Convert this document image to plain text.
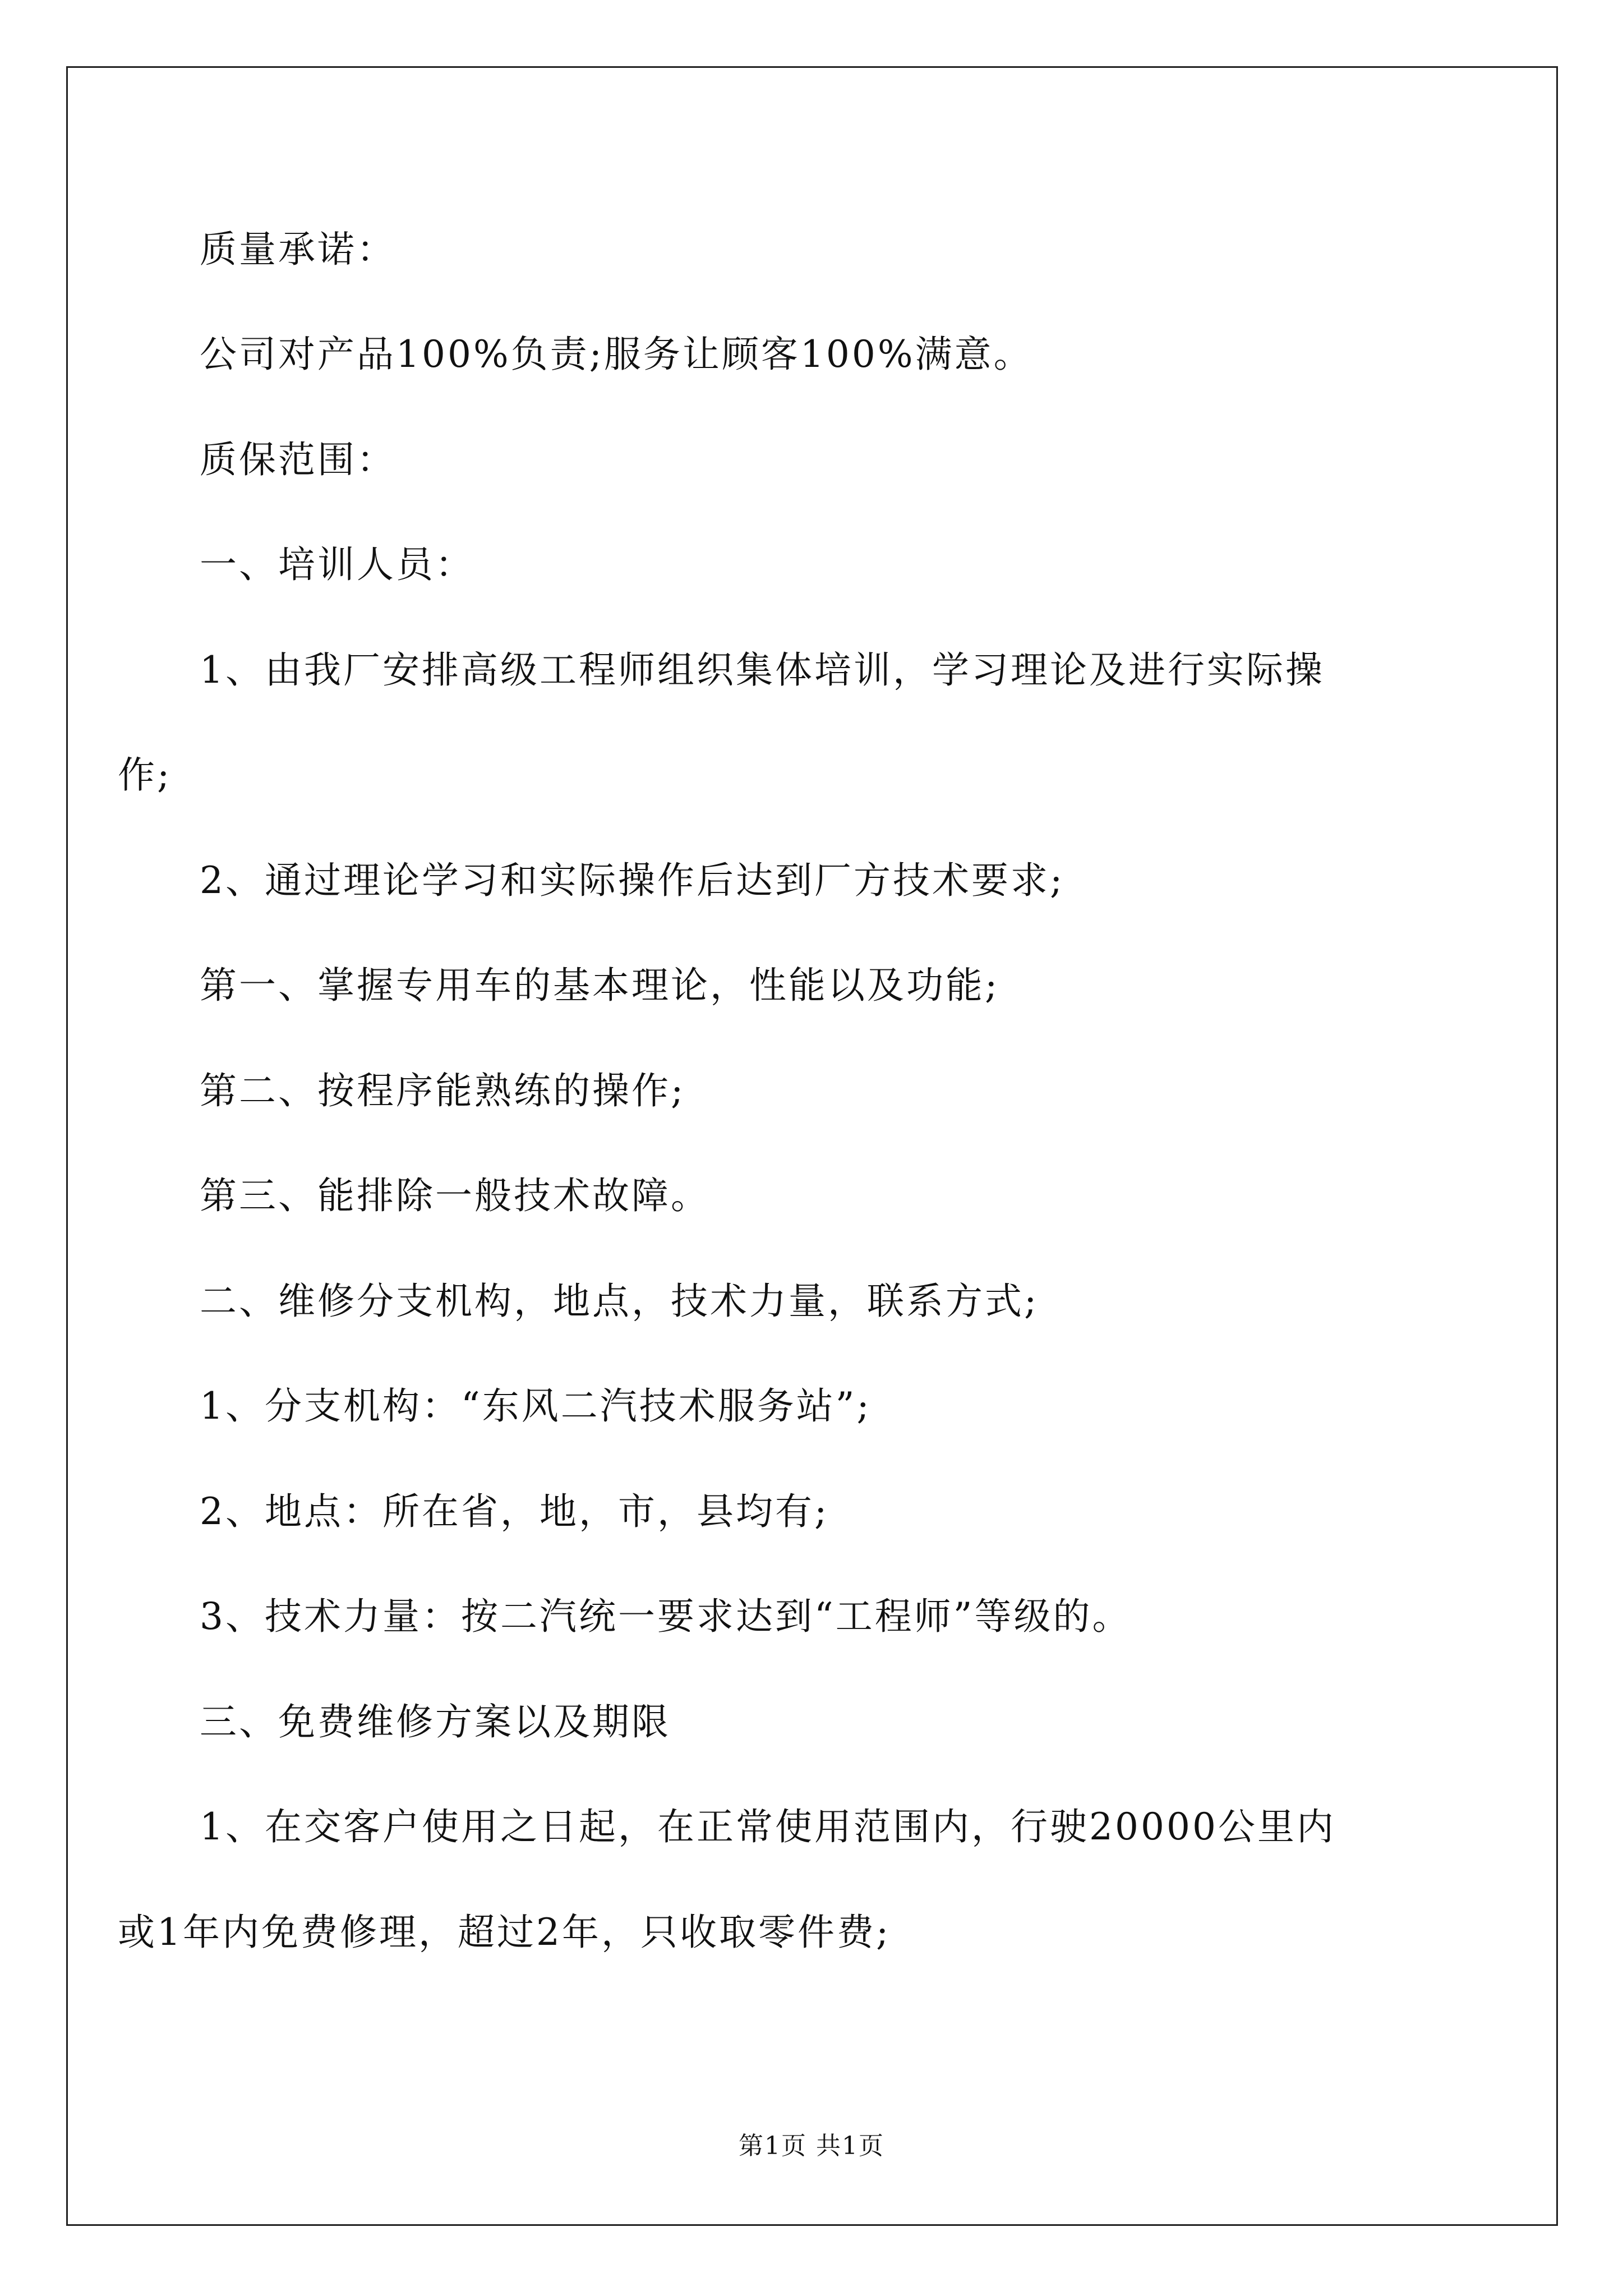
质量承诺：
公司对产品100%负责;服务让顾客100%满意。
质保范围：
一、培训人员：
1、由我厂安排高级工程师组织集体培训，学习理论及进行实际操
作;
2、通过理论学习和实际操作后达到厂方技术要求;
第一、掌握专用车的基本理论，性能以及功能;
第二、按程序能熟练的操作;
第三、能排除一般技术故障。
二、维修分支机构，地点，技术力量，联系方式;
1、分支机构：“东风二汽技术服务站”;
2、地点：所在省，地，市，县均有;
3、技术力量：按二汽统一要求达到“工程师”等级的。
三、免费维修方案以及期限
1、在交客户使用之日起，在正常使用范围内，行驶20000公里内
或1年内免费修理，超过2年，只收取零件费;
第1页 共1页
